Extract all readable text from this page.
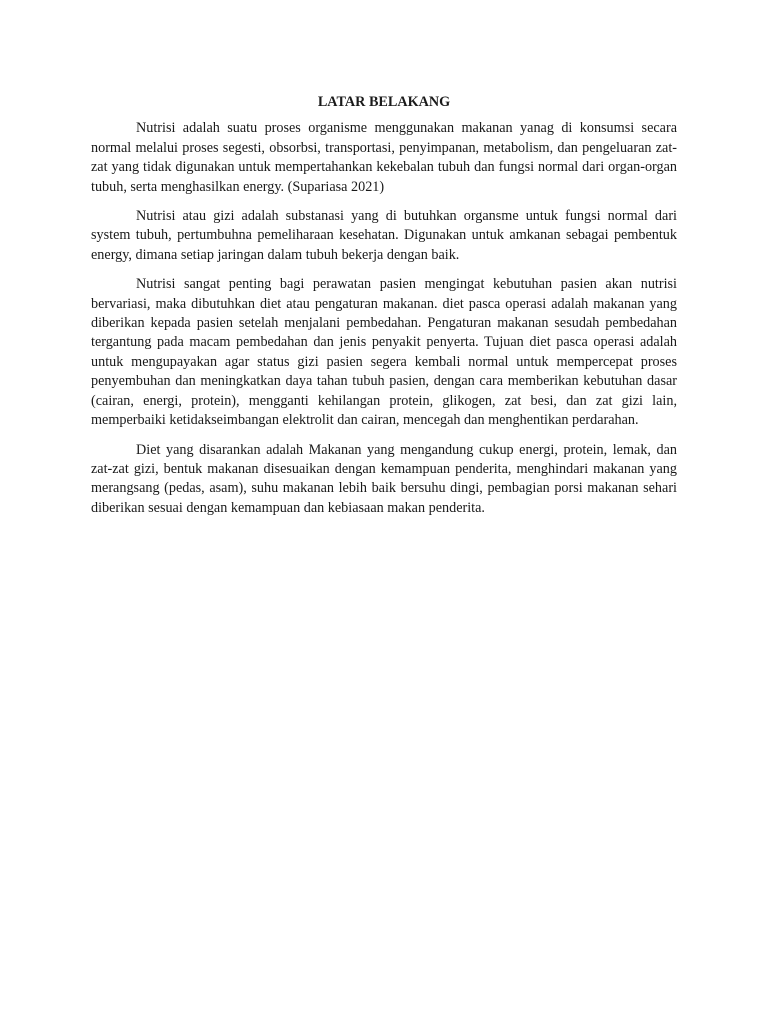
LATAR BELAKANG

Nutrisi adalah suatu proses organisme menggunakan makanan yanag di konsumsi secara normal melalui proses segesti, obsorbsi, transportasi, penyimpanan, metabolism, dan pengeluaran zat-zat yang tidak digunakan untuk mempertahankan kekebalan tubuh dan fungsi normal dari organ-organ tubuh, serta menghasilkan energy. (Supariasa 2021)

Nutrisi atau gizi adalah substanasi yang di butuhkan organsme untuk fungsi normal dari system tubuh, pertumbuhna pemeliharaan kesehatan. Digunakan untuk amkanan sebagai pembentuk energy, dimana setiap jaringan dalam tubuh bekerja dengan baik.

Nutrisi sangat penting bagi perawatan pasien mengingat kebutuhan pasien akan nutrisi bervariasi, maka dibutuhkan diet atau pengaturan makanan. diet pasca operasi adalah makanan yang diberikan kepada pasien setelah menjalani pembedahan. Pengaturan makanan sesudah pembedahan tergantung pada macam pembedahan dan jenis penyakit penyerta. Tujuan diet pasca operasi adalah untuk mengupayakan agar status gizi pasien segera kembali normal untuk mempercepat proses penyembuhan dan meningkatkan daya tahan tubuh pasien, dengan cara memberikan kebutuhan dasar (cairan, energi, protein), mengganti kehilangan protein, glikogen, zat besi, dan zat gizi lain, memperbaiki ketidakseimbangan elektrolit dan cairan, mencegah dan menghentikan perdarahan.

Diet yang disarankan adalah Makanan yang mengandung cukup energi, protein, lemak, dan zat-zat gizi, bentuk makanan disesuaikan dengan kemampuan penderita, menghindari makanan yang merangsang (pedas, asam), suhu makanan lebih baik bersuhu dingi, pembagian porsi makanan sehari diberikan sesuai dengan kemampuan dan kebiasaan makan penderita.
